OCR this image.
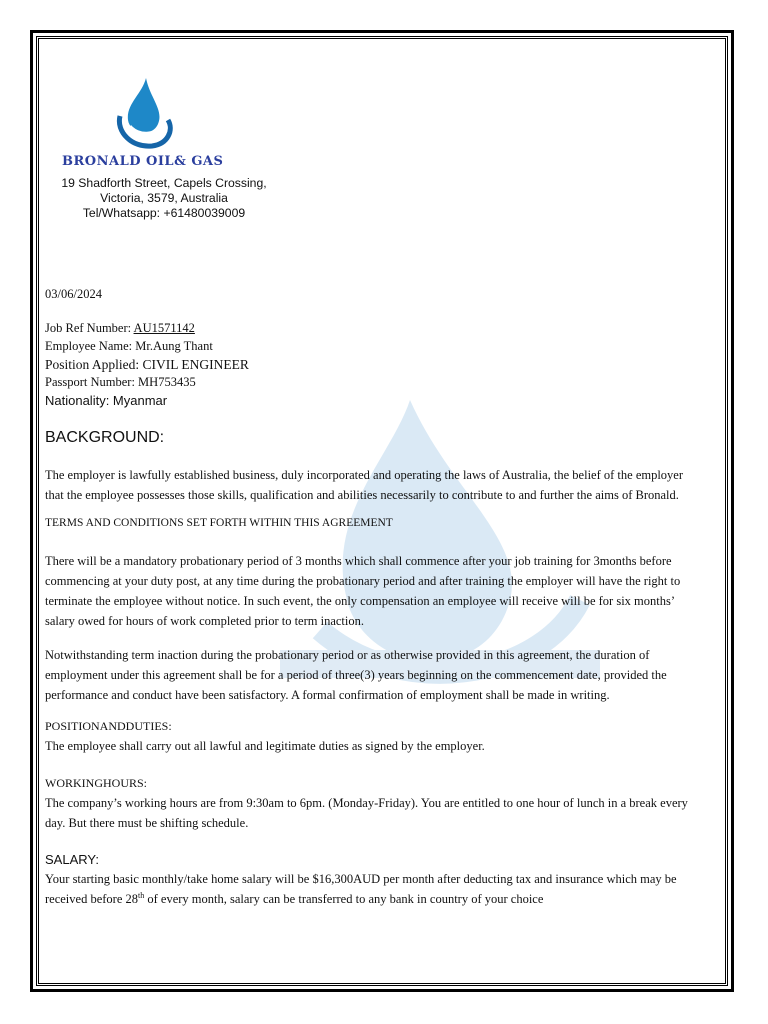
BRONALD OIL& GAS
19 Shadforth Street, Capels Crossing,
Victoria, 3579, Australia
Tel/Whatsapp: +61480039009
03/06/2024
Job Ref Number: AU1571142
Employee Name: Mr.Aung Thant
Position Applied: CIVIL ENGINEER
Passport Number: MH753435
Nationality: Myanmar
BACKGROUND:
The employer is lawfully established business, duly incorporated and operating the laws of Australia, the belief of the employer that the employee possesses those skills, qualification and abilities necessarily to contribute to and further the aims of Bronald.
TERMS AND CONDITIONS SET FORTH WITHIN THIS AGREEMENT
There will be a mandatory probationary period of 3 months which shall commence after your job training for 3months before commencing at your duty post, at any time during the probationary period and after training the employer will have the right to terminate the employee without notice. In such event, the only compensation an employee will receive will be for six months’ salary owed for hours of work completed prior to term inaction.
Notwithstanding term inaction during the probationary period or as otherwise provided in this agreement, the duration of employment under this agreement shall be for a period of three(3) years beginning on the commencement date, provided the performance and conduct have been satisfactory. A formal confirmation of employment shall be made in writing.
POSITIONANDDUTIES:
The employee shall carry out all lawful and legitimate duties as signed by the employer.
WORKINGHOURS:
The company’s working hours are from 9:30am to 6pm. (Monday-Friday). You are entitled to one hour of lunch in a break every day. But there must be shifting schedule.
SALARY:
Your starting basic monthly/take home salary will be $16,300AUD per month after deducting tax and insurance which may be received before 28th of every month, salary can be transferred to any bank in country of your choice
